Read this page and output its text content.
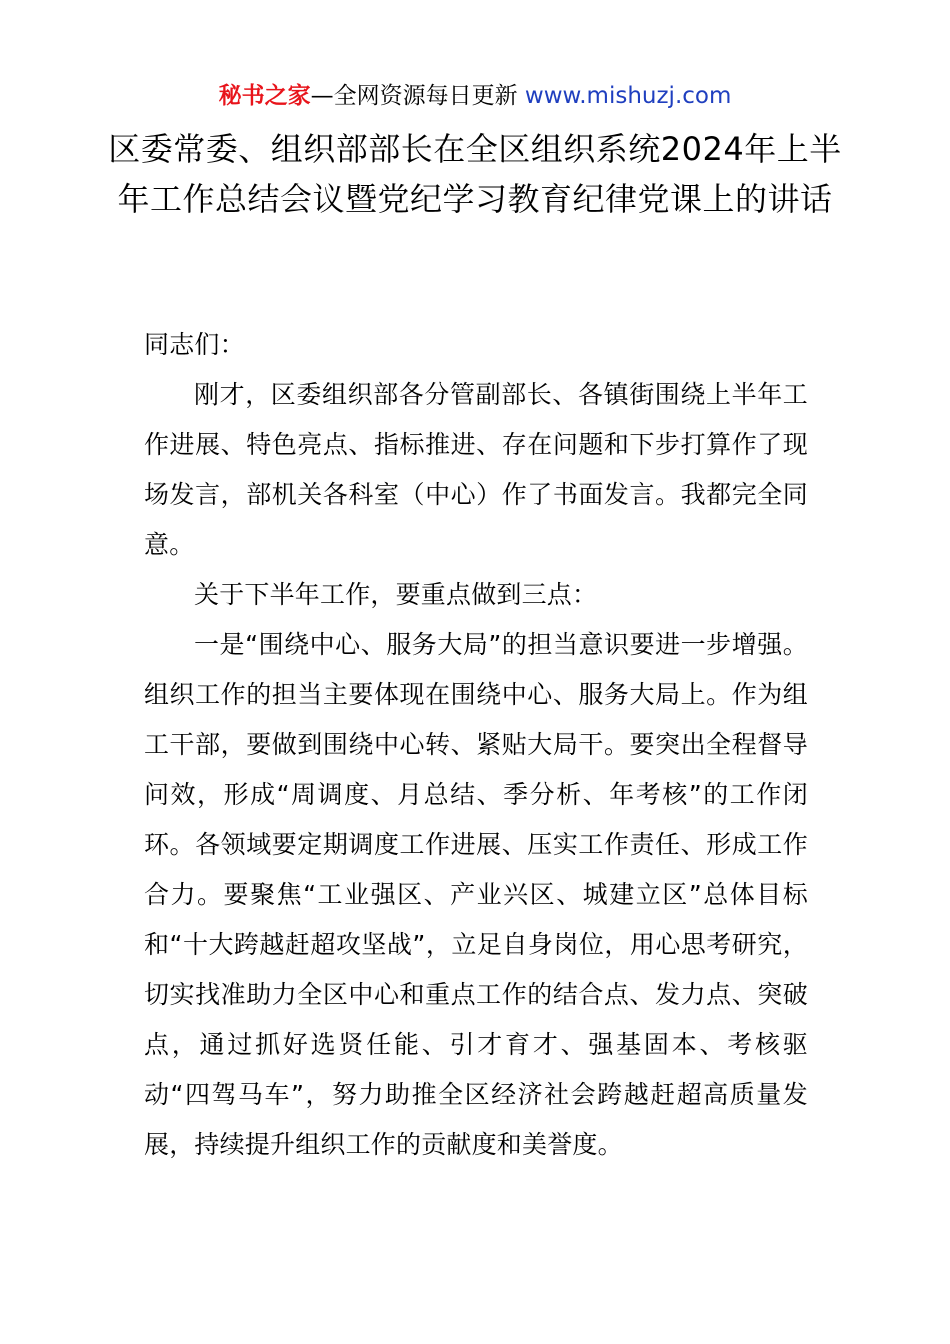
秘书之家—全网资源每日更新 www.mishuzj.com
区委常委、组织部部长在全区组织系统2024年上半年工作总结会议暨党纪学习教育纪律党课上的讲话

同志们：

刚才，区委组织部各分管副部长、各镇街围绕上半年工作进展、特色亮点、指标推进、存在问题和下步打算作了现场发言，部机关各科室（中心）作了书面发言。我都完全同意。

关于下半年工作，要重点做到三点：

一是“围绕中心、服务大局”的担当意识要进一步增强。组织工作的担当主要体现在围绕中心、服务大局上。作为组工干部，要做到围绕中心转、紧贴大局干。要突出全程督导问效，形成“周调度、月总结、季分析、年考核”的工作闭环。各领域要定期调度工作进展、压实工作责任、形成工作合力。要聚焦“工业强区、产业兴区、城建立区”总体目标和“十大跨越赶超攻坚战”，立足自身岗位，用心思考研究，切实找准助力全区中心和重点工作的结合点、发力点、突破点，通过抓好选贤任能、引才育才、强基固本、考核驱动“四驾马车”，努力助推全区经济社会跨越赶超高质量发展，持续提升组织工作的贡献度和美誉度。
